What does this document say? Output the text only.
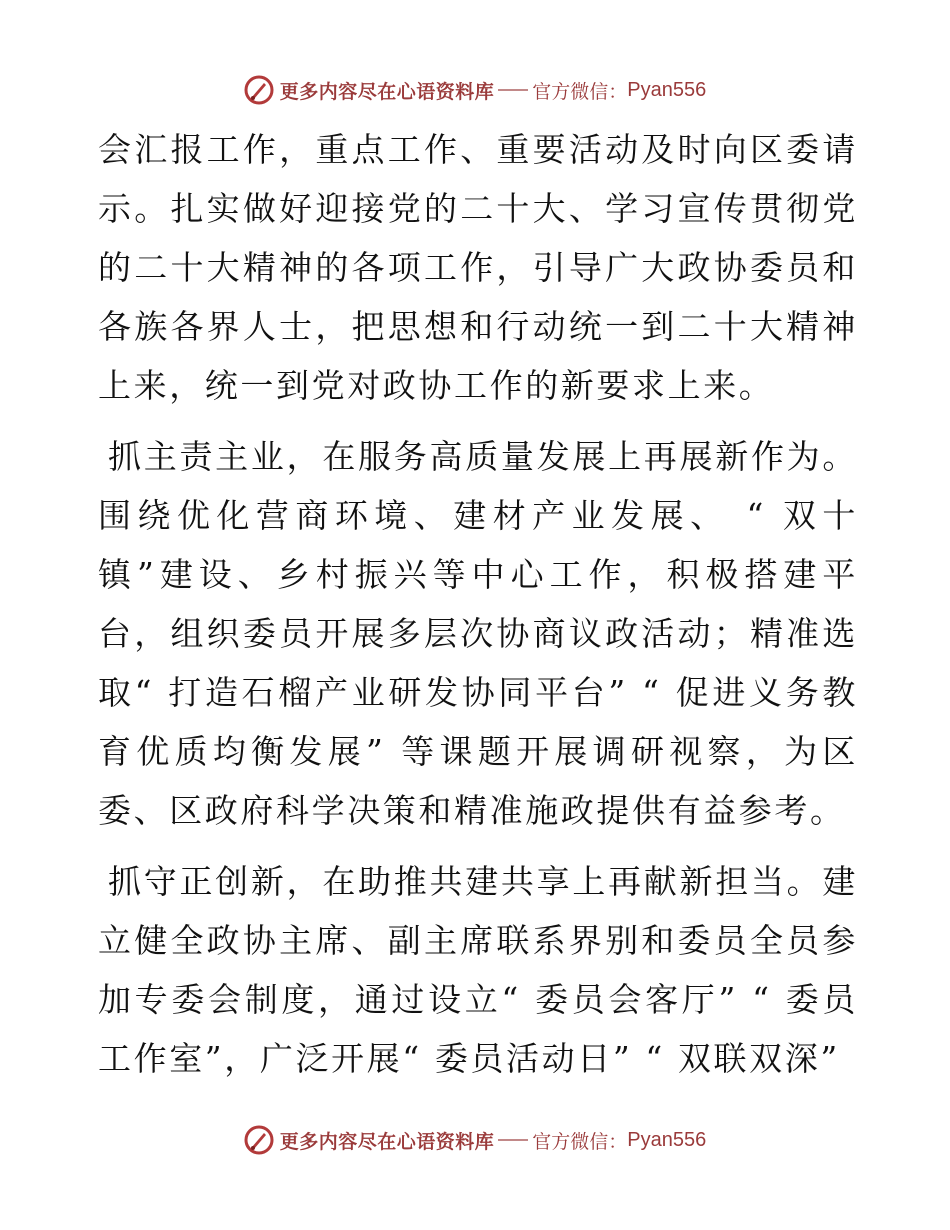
更多内容尽在心语资料库 官方微信： Pyan556

会汇报工作，重点工作、重要活动及时向区委请示。扎实做好迎接党的二十大、学习宣传贯彻党的二十大精神的各项工作，引导广大政协委员和各族各界人士，把思想和行动统一到二十大精神上来，统一到党对政协工作的新要求上来。

抓主责主业，在服务高质量发展上再展新作为。围绕优化营商环境、建材产业发展、 “ 双十镇”建设、乡村振兴等中心工作，积极搭建平台，组织委员开展多层次协商议政活动；精准选取“ 打造石榴产业研发协同平台” “ 促进义务教育优质均衡发展” 等课题开展调研视察，为区委、区政府科学决策和精准施政提供有益参考。

抓守正创新，在助推共建共享上再献新担当。建立健全政协主席、副主席联系界别和委员全员参加专委会制度，通过设立“ 委员会客厅” “ 委员工作室”，广泛开展“ 委员活动日” “ 双联双深”

更多内容尽在心语资料库 官方微信： Pyan556
